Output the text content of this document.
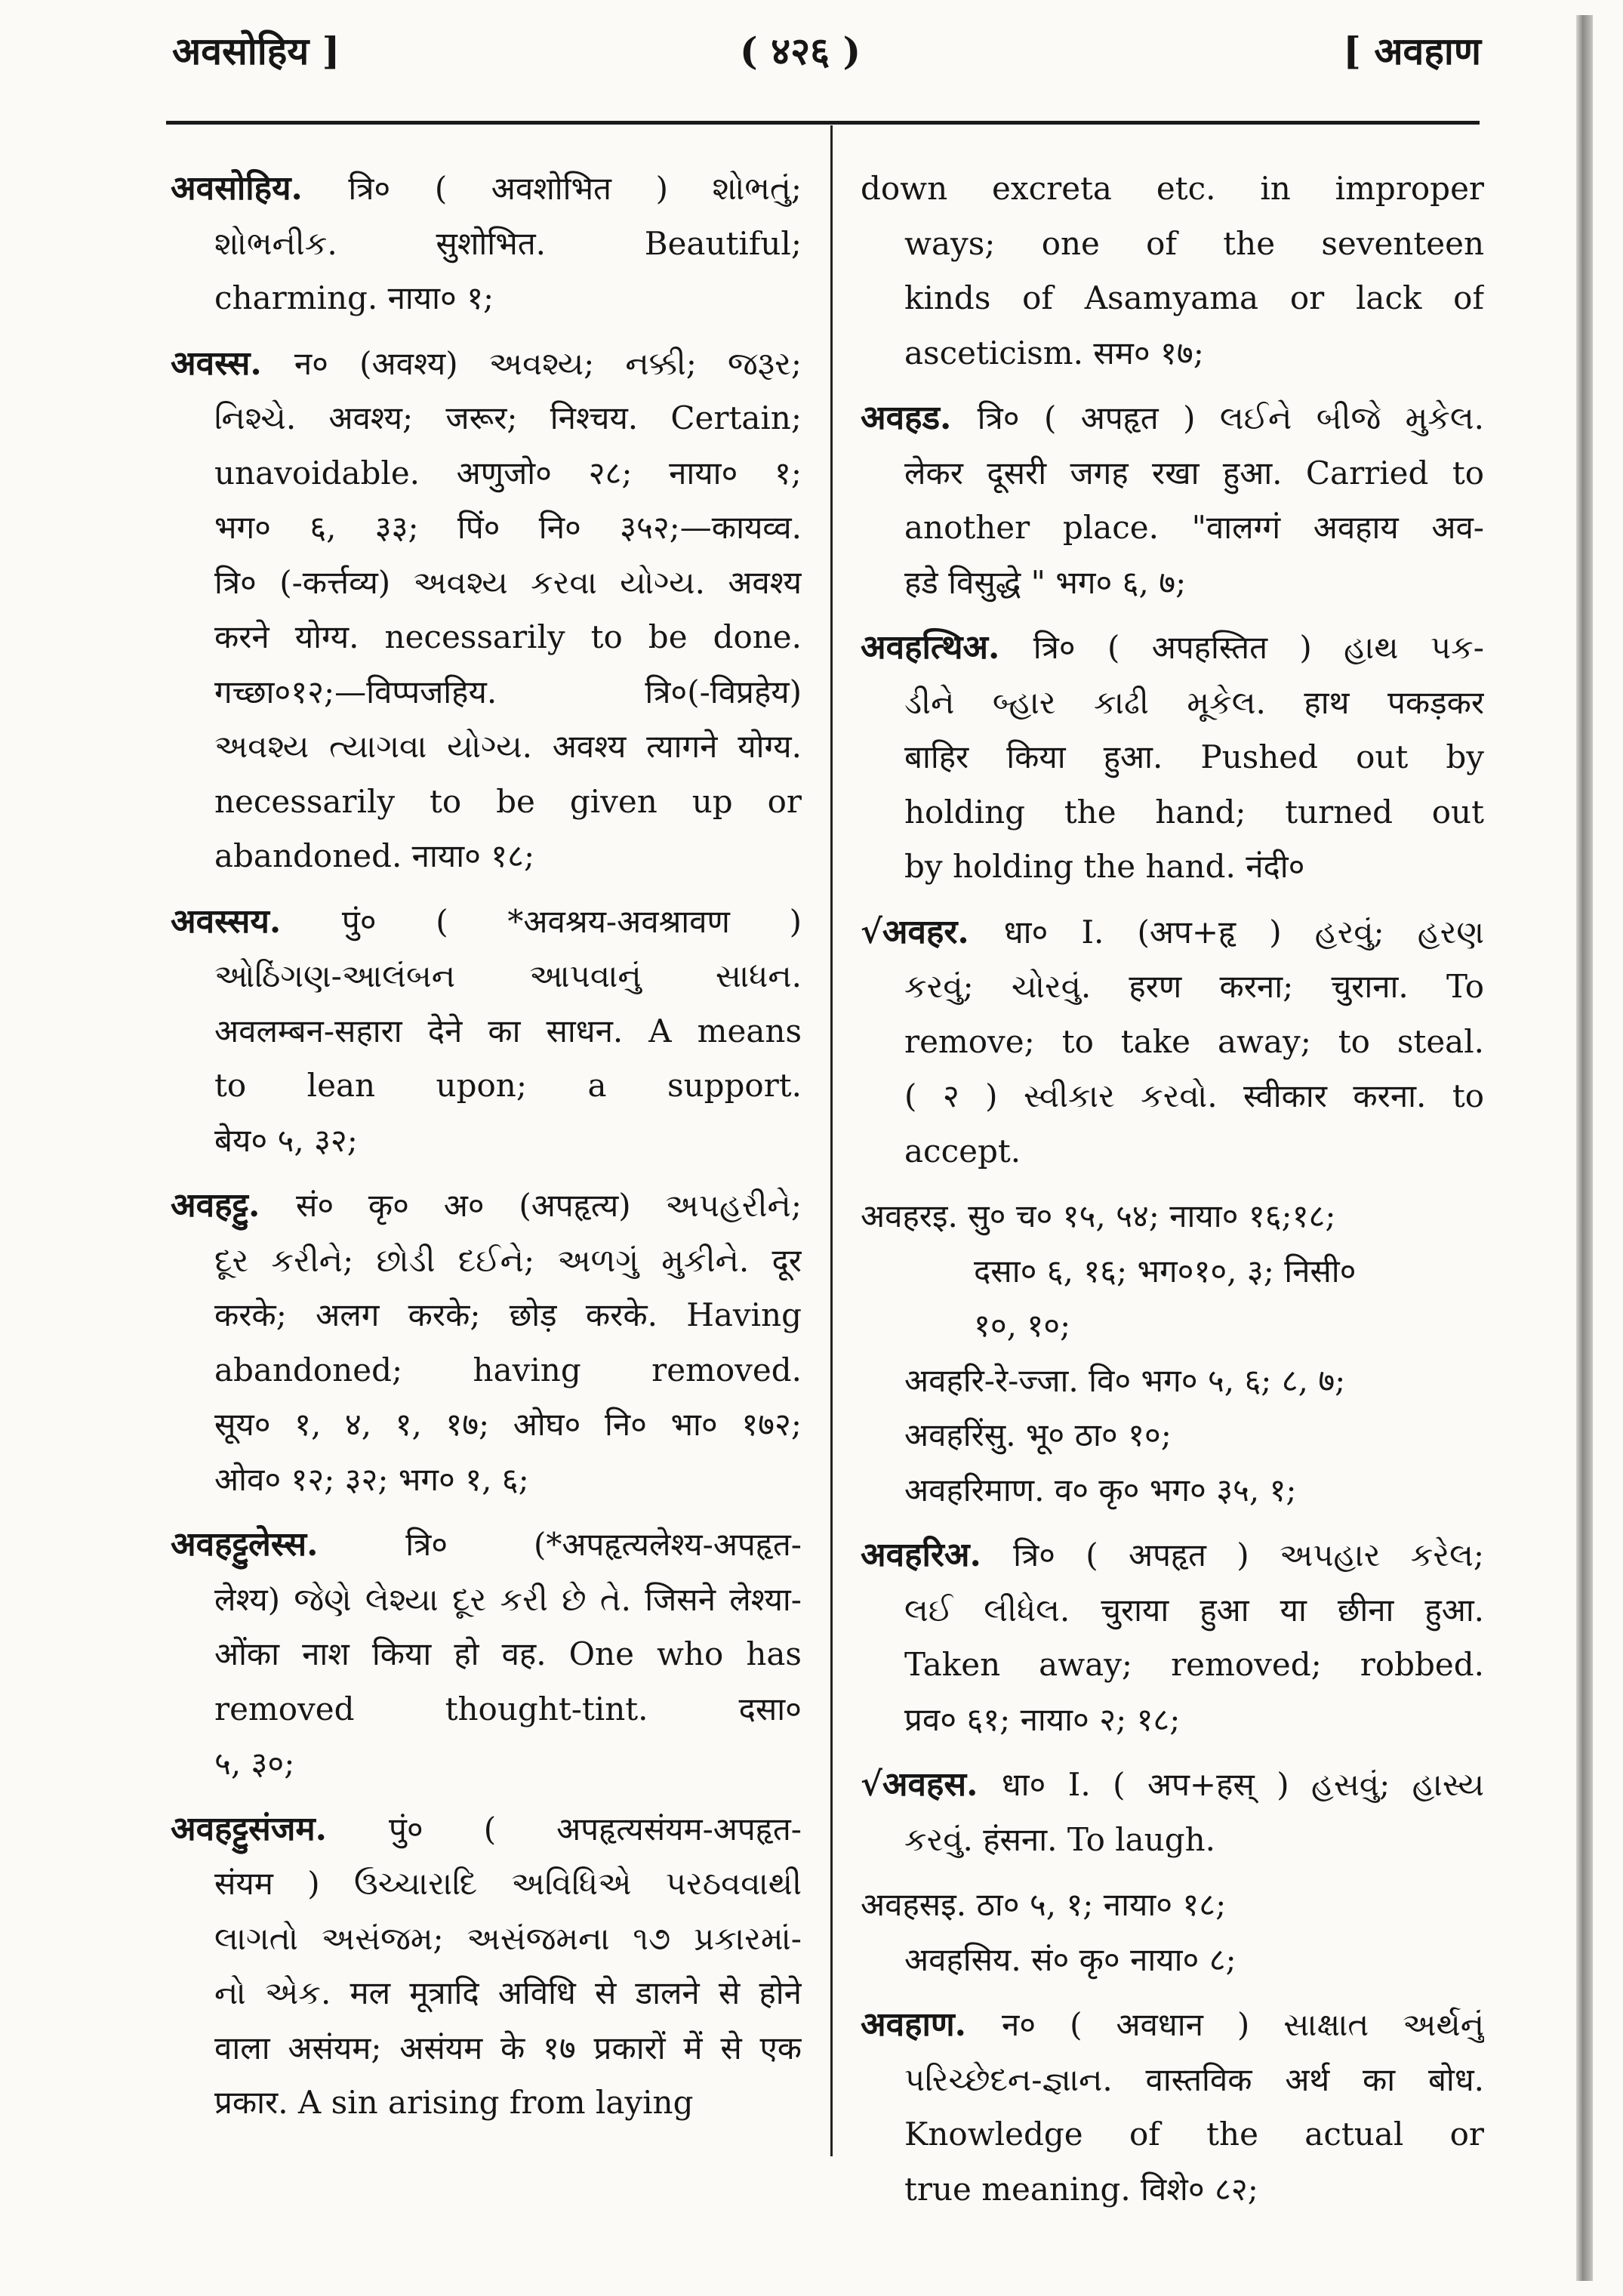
अवसोहिय ]	( ४२६ )	[ अवहाण
अवसोहिय. त्रि० ( अवशोभित ) શોભતું;
શોભનીક. सुशोभित. Beautiful;
charming. नाया० १;
अवस्स. न० (अवश्य) અવશ્ય; નક્કી; જરૂર;
નિશ્ચે. अवश्य; जरूर; निश्चय. Certain;
unavoidable. अणुजो० २८; नाया० १;
भग० ६, ३३; पिं० नि० ३५२;—कायव्व.
त्रि० (-कर्त्तव्य) અવશ્ય કરવા યોગ્ય. अवश्य
करने योग्य. necessarily to be done.
गच्छा०१२;—विप्पजहिय. त्रि०(-विप्रहेय)
અવશ્ય ત્યાગવા યોગ્ય. अवश्य त्यागने योग्य.
necessarily to be given up or
abandoned. नाया० १८;
अवस्सय. पुं० ( *अवश्रय-अवश्रावण )
ઓઠિંગણ-આલંબન આપવાનું સાધન.
अवलम्बन-सहारा देने का साधन. A means
to lean upon; a support.
बेय० ५, ३२;
अवहट्टु. सं० कृ० अ० (अपहृत्य) અપહરીને;
દૂર કરીને; છોડી દઈને; અળગું મુકીને. दूर
करके; अलग करके; छोड़ करके. Having
abandoned; having removed.
सूय० १, ४, १, १७; ओघ० नि० भा० १७२;
ओव० १२; ३२; भग० १, ६;
अवहट्टुलेस्स. त्रि० (*अपहृत्यलेश्य-अपहृत-
लेश्य) જેણે લેશ્યા દૂર કરી છે તે. जिसने लेश्या-
ओंका नाश किया हो वह. One who has
removed thought-tint. दसा०
५, ३०;
अवहट्टुसंजम. पुं० ( अपहृत्यसंयम-अपहृत-
संयम ) ઉચ્ચારાદિ અવિધિએ પરઠવવાથી
લાગતો અસંજમ; અસંજમના ૧૭ પ્રકારમાં-
નો એક. मल मूत्रादि अविधि से डालने से होने
वाला असंयम; असंयम के १७ प्रकारों में से एक
प्रकार. A sin arising from laying
down excreta etc. in improper
ways; one of the seventeen
kinds of Asamyama or lack of
asceticism. सम० १७;
अवहड. त्रि० ( अपहृत ) લઈને બીજે મુકેલ.
लेकर दूसरी जगह रखा हुआ. Carried to
another place. "वालग्गं अवहाय अव-
हडे विसुद्धे " भग० ६, ७;
अवहत्थिअ. त्रि० ( अपहस्तित ) હાથ પક-
ડીને બ્હાર કાઢી મૂકેલ. हाथ पकड़कर
बाहिर किया हुआ. Pushed out by
holding the hand; turned out
by holding the hand. नंदी०
√अवहर. धा० I. (अप+हृ ) હરવું; હરણ
કરવું; ચોરવું. हरण करना; चुराना. To
remove; to take away; to steal.
( २ ) સ્વીકાર કરવો. स्वीकार करना. to
accept.
अवहरइ. सु० च० १५, ५४; नाया० १६;१८;
दसा० ६, १६; भग०१०, ३; निसी०
१०, १०;
अवहरि-रे-ज्जा. वि० भग० ५, ६; ८, ७;
अवहरिंसु. भू० ठा० १०;
अवहरिमाण. व० कृ० भग० ३५, १;
अवहरिअ. त्रि० ( अपहृत ) અપહાર કરેલ;
લઈ લીધેલ. चुराया हुआ या छीना हुआ.
Taken away; removed; robbed.
प्रव० ६१; नाया० २; १८;
√अवहस. धा० I. ( अप+हस् ) હસવું; હાસ્ય
કરવું. हंसना. To laugh.
अवहसइ. ठा० ५, १; नाया० १८;
अवहसिय. सं० कृ० नाया० ८;
अवहाण. न० ( अवधान ) સાક્ષાત અર્થનું
પરિચ્છેદન-જ્ઞાન. वास्तविक अर्थ का बोध.
Knowledge of the actual or
true meaning. विशे० ८२;
